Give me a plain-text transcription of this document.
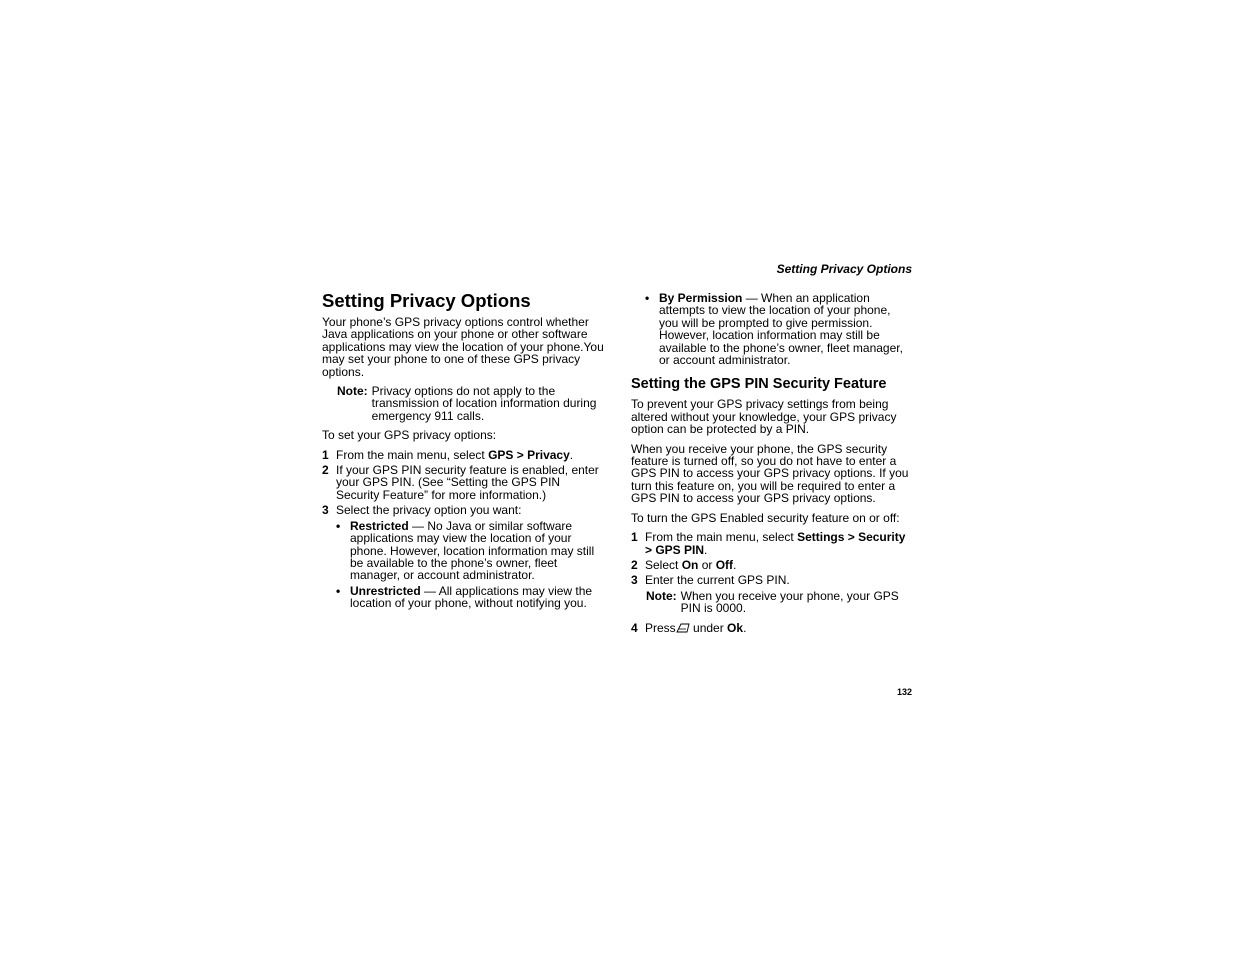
Setting Privacy Options
Setting Privacy Options

Your phone’s GPS privacy options control whether Java applications on your phone or other software applications may view the location of your phone.You may set your phone to one of these GPS privacy options.

Note: Privacy options do not apply to the transmission of location information during emergency 911 calls.

To set your GPS privacy options:

1 From the main menu, select GPS > Privacy.
2 If your GPS PIN security feature is enabled, enter your GPS PIN. (See “Setting the GPS PIN Security Feature” for more information.)
3 Select the privacy option you want:
• Restricted — No Java or similar software applications may view the location of your phone. However, location information may still be available to the phone’s owner, fleet manager, or account administrator.
• Unrestricted — All applications may view the location of your phone, without notifying you.
• By Permission — When an application attempts to view the location of your phone, you will be prompted to give permission. However, location information may still be available to the phone’s owner, fleet manager, or account administrator.
Setting the GPS PIN Security Feature

To prevent your GPS privacy settings from being altered without your knowledge, your GPS privacy option can be protected by a PIN.

When you receive your phone, the GPS security feature is turned off, so you do not have to enter a GPS PIN to access your GPS privacy options. If you turn this feature on, you will be required to enter a GPS PIN to access your GPS privacy options.

To turn the GPS Enabled security feature on or off:

1 From the main menu, select Settings > Security > GPS PIN.
2 Select On or Off.
3 Enter the current GPS PIN.
Note: When you receive your phone, your GPS PIN is 0000.
4 Press
under Ok.
132
